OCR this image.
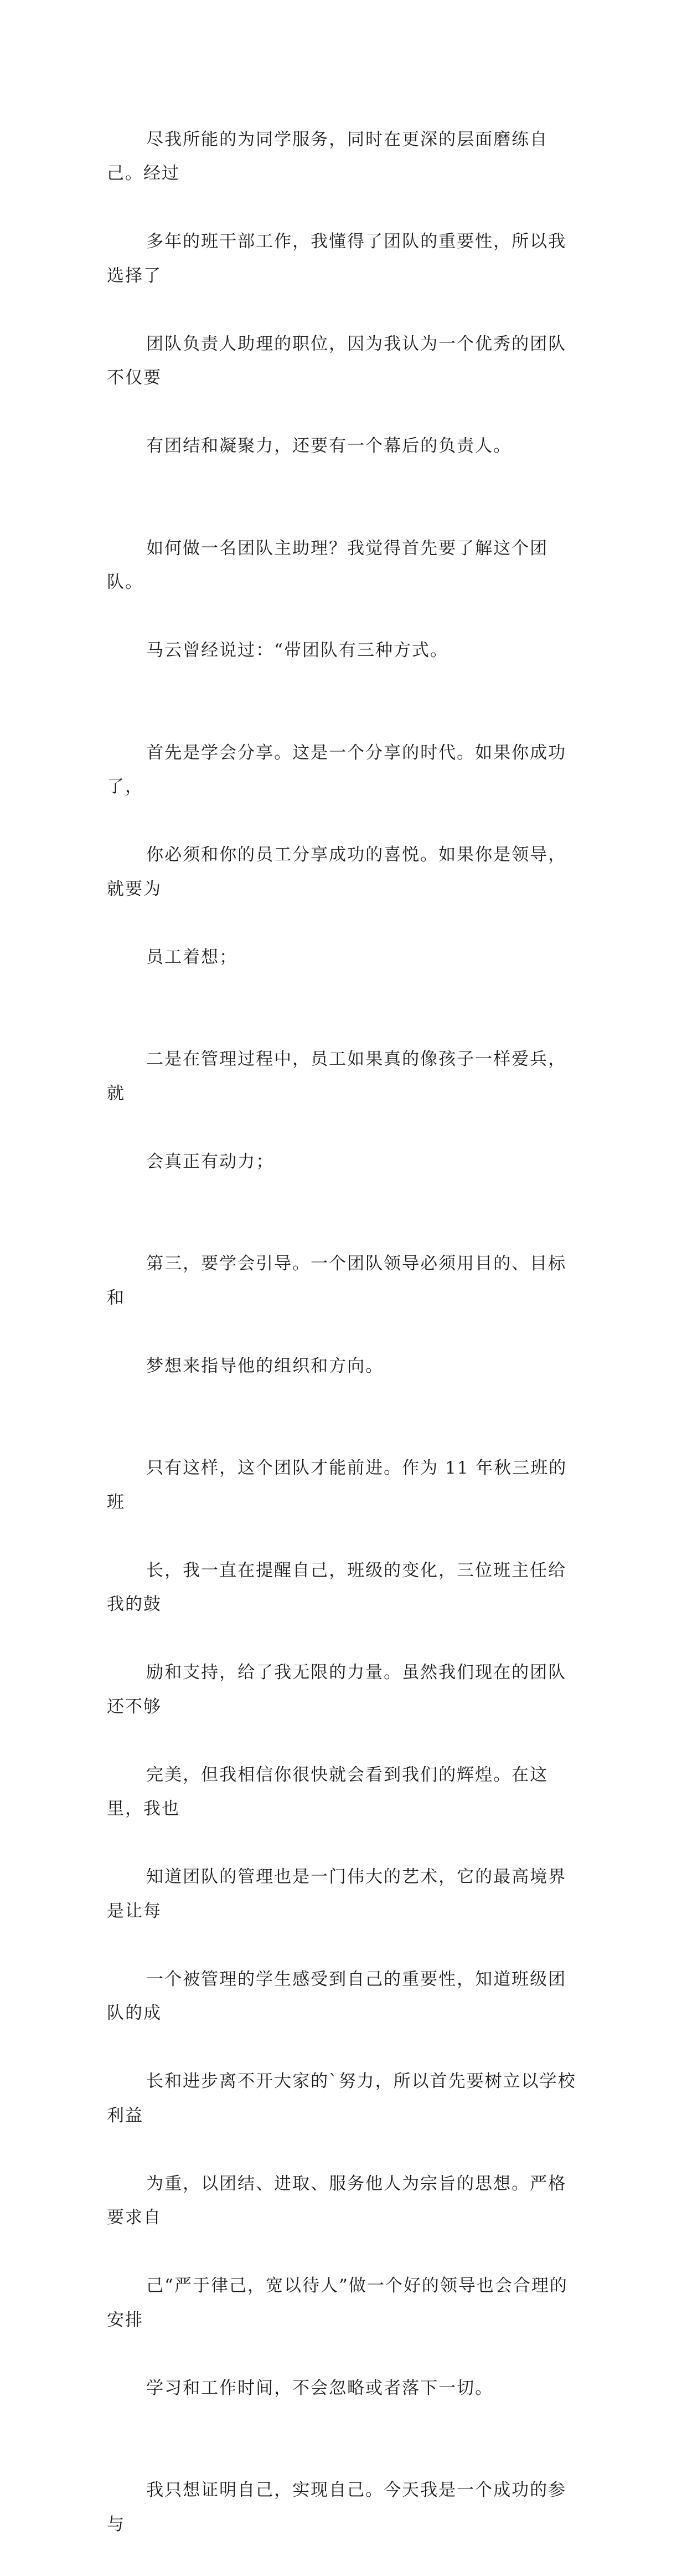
尽我所能的为同学服务，同时在更深的层面磨练自己。经过

多年的班干部工作，我懂得了团队的重要性，所以我选择了

团队负责人助理的职位，因为我认为一个优秀的团队不仅要

有团结和凝聚力，还要有一个幕后的负责人。

如何做一名团队主助理？我觉得首先要了解这个团队。

马云曾经说过：“带团队有三种方式。

首先是学会分享。这是一个分享的时代。如果你成功了，

你必须和你的员工分享成功的喜悦。如果你是领导，就要为

员工着想；

二是在管理过程中，员工如果真的像孩子一样爱兵，就

会真正有动力；

第三，要学会引导。一个团队领导必须用目的、目标和

梦想来指导他的组织和方向。

只有这样，这个团队才能前进。作为 11 年秋三班的班

长，我一直在提醒自己，班级的变化，三位班主任给我的鼓

励和支持，给了我无限的力量。虽然我们现在的团队还不够

完美，但我相信你很快就会看到我们的辉煌。在这里，我也

知道团队的管理也是一门伟大的艺术，它的最高境界是让每

一个被管理的学生感受到自己的重要性，知道班级团队的成

长和进步离不开大家的`努力，所以首先要树立以学校利益

为重，以团结、进取、服务他人为宗旨的思想。严格要求自

己“严于律己，宽以待人”做一个好的领导也会合理的安排

学习和工作时间，不会忽略或者落下一切。

我只想证明自己，实现自己。今天我是一个成功的参与
